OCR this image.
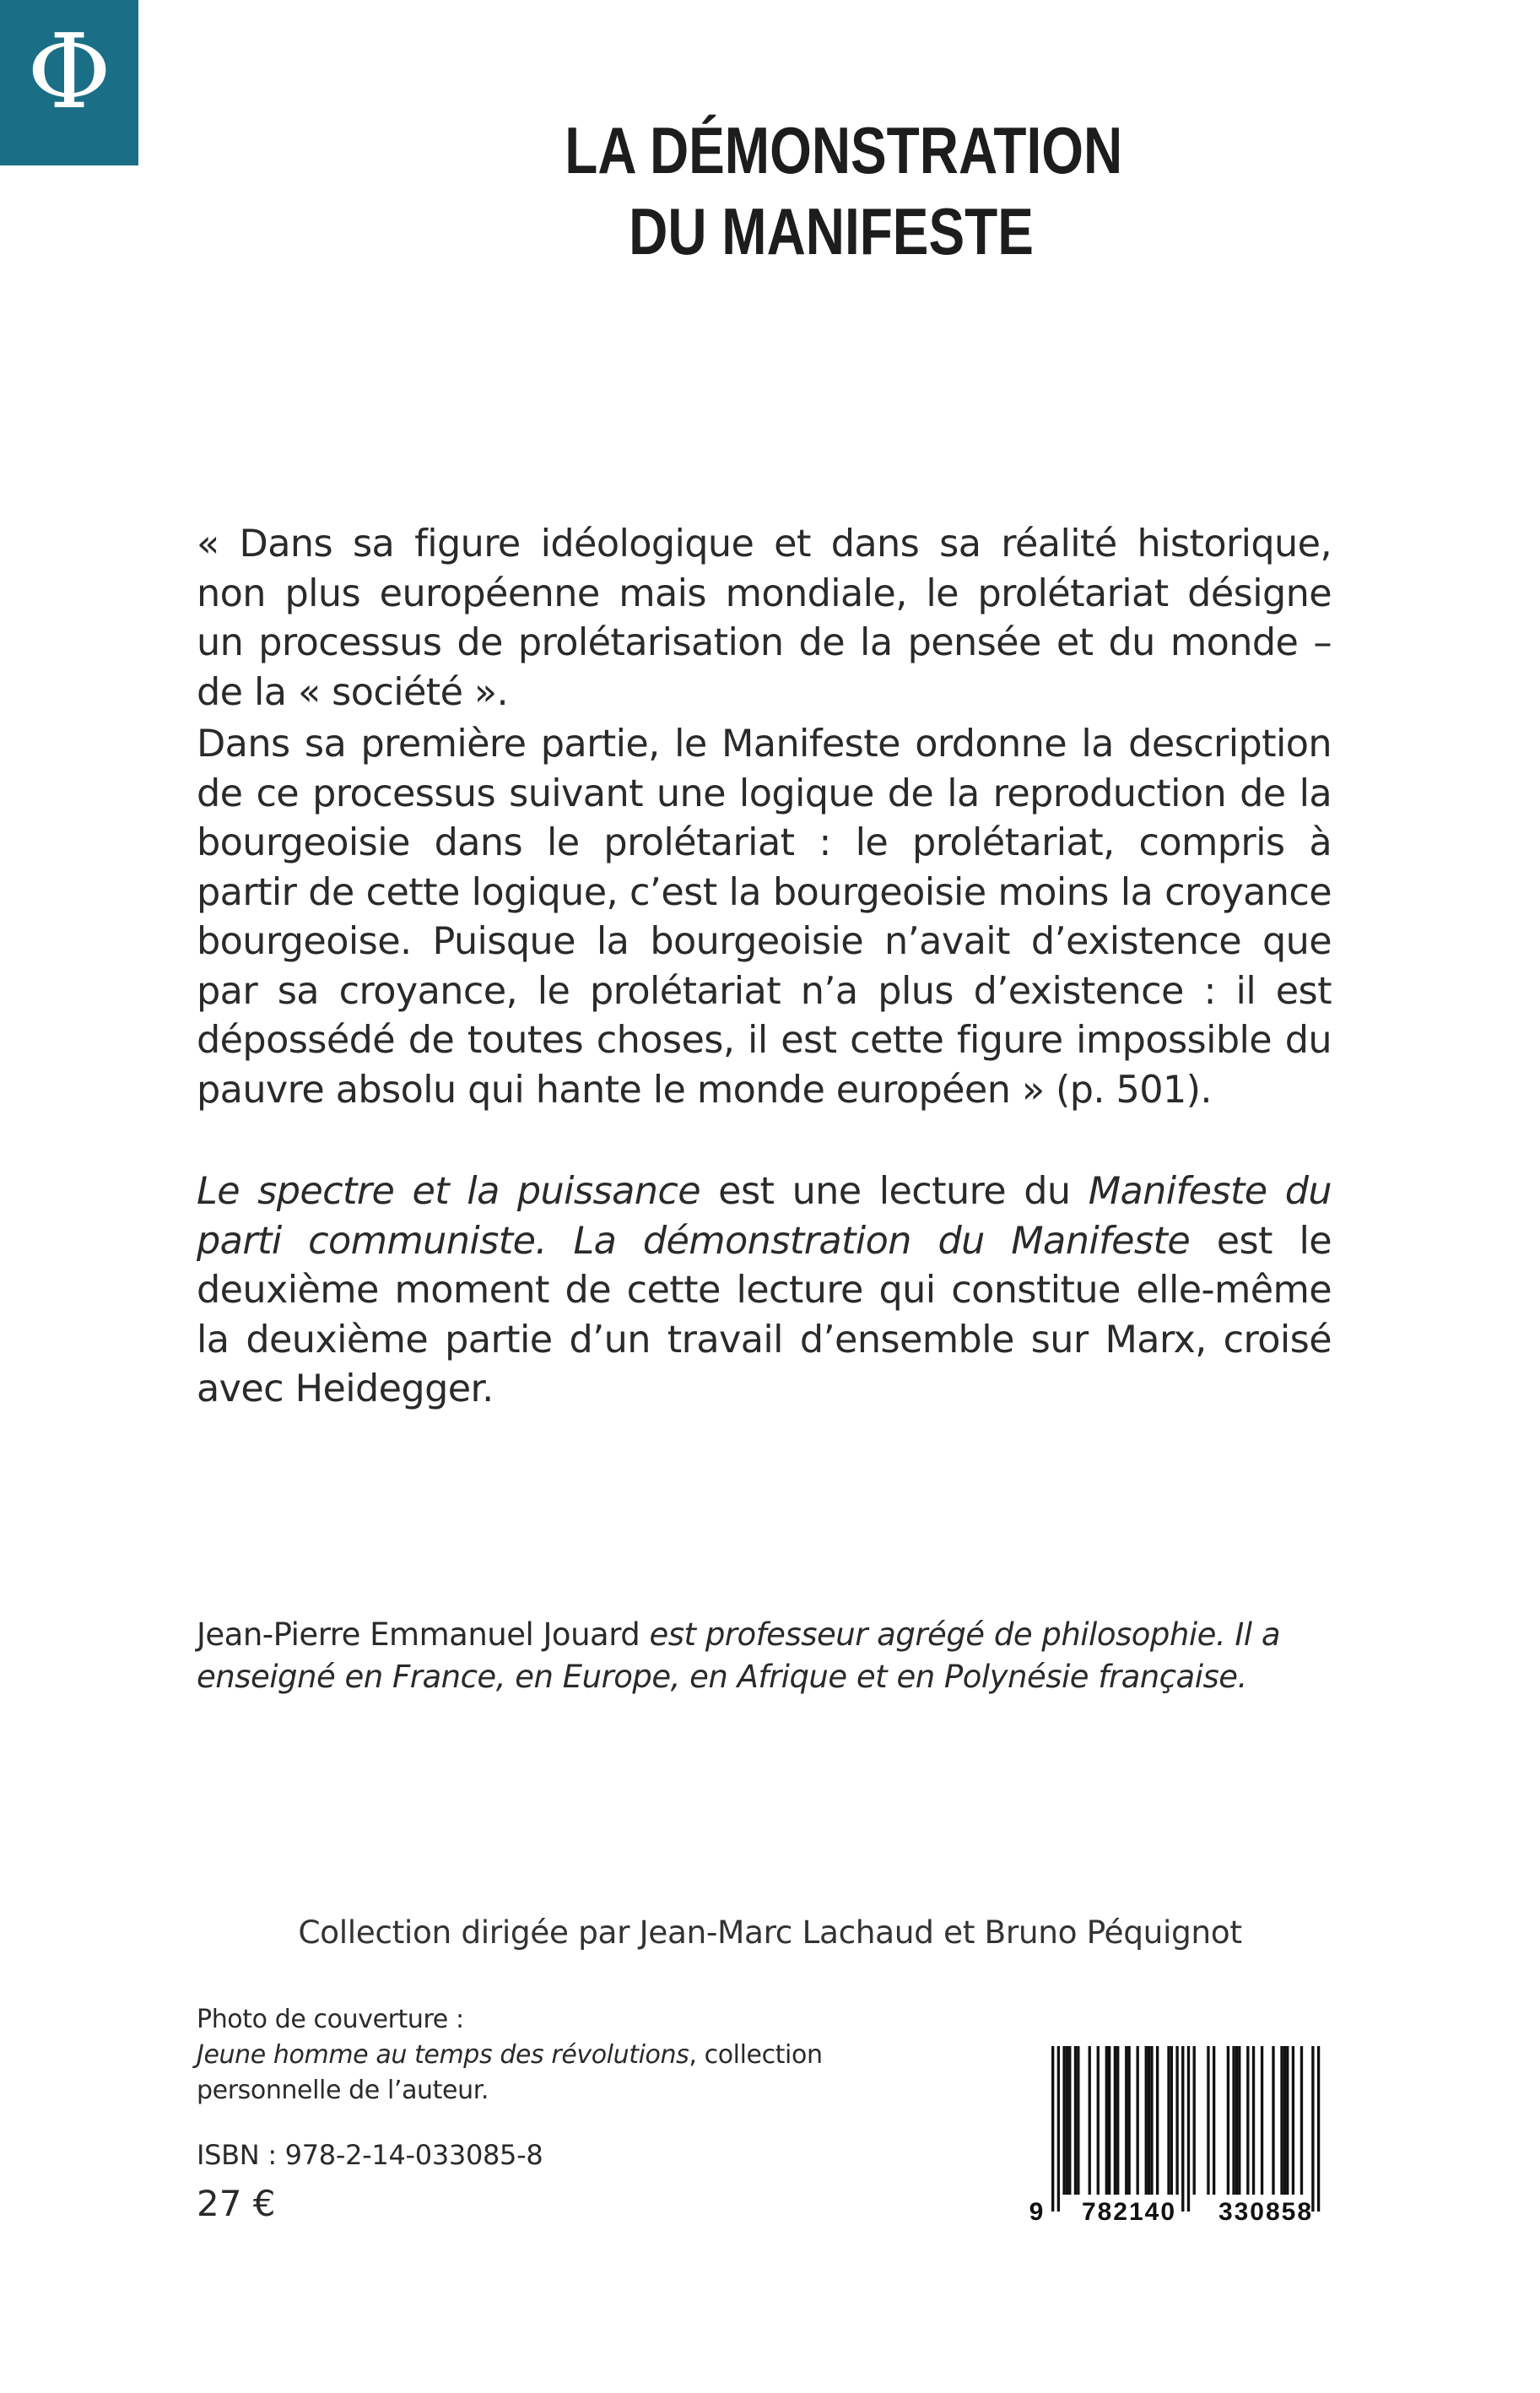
Φ
LA DÉMONSTRATION
DU MANIFESTE

« Dans sa figure idéologique et dans sa réalité historique, non plus européenne mais mondiale, le prolétariat désigne un processus de prolétarisation de la pensée et du monde – de la « société ».

Dans sa première partie, le Manifeste ordonne la description de ce processus suivant une logique de la reproduction de la bourgeoisie dans le prolétariat : le prolétariat, compris à partir de cette logique, c’est la bourgeoisie moins la croyance bourgeoise. Puisque la bourgeoisie n’avait d’existence que par sa croyance, le prolétariat n’a plus d’existence : il est dépossédé de toutes choses, il est cette figure impossible du pauvre absolu qui hante le monde européen » (p. 501).

Le spectre et la puissance est une lecture du Manifeste du parti communiste. La démonstration du Manifeste est le deuxième moment de cette lecture qui constitue elle-même la deuxième partie d’un travail d’ensemble sur Marx, croisé avec Heidegger.

Jean-Pierre Emmanuel Jouard est professeur agrégé de philosophie. Il a enseigné en France, en Europe, en Afrique et en Polynésie française.
Collection dirigée par Jean-Marc Lachaud et Bruno Péquignot
Photo de couverture :
Jeune homme au temps des révolutions, collection personnelle de l’auteur.
ISBN : 978-2-14-033085-8
27 €	9 782140 330858
